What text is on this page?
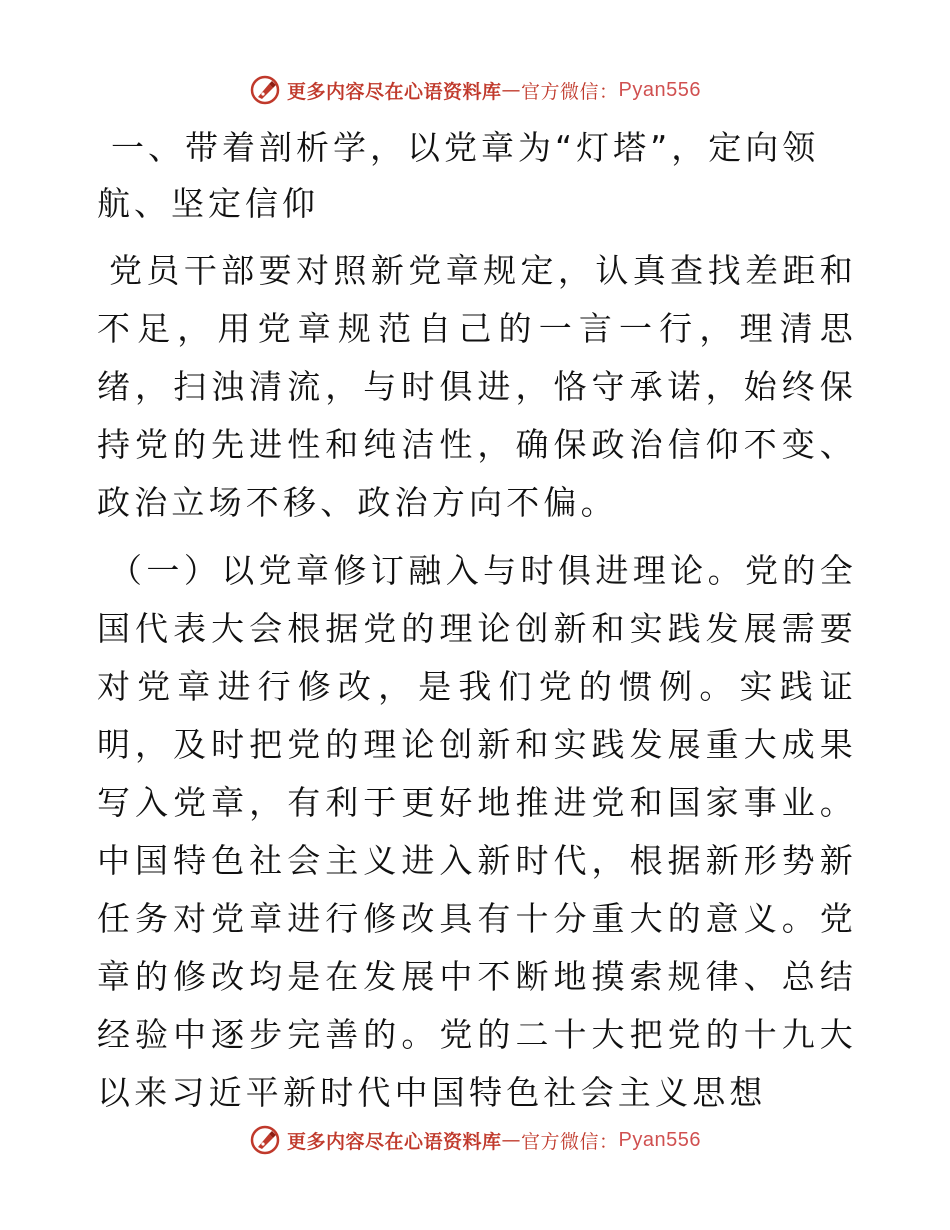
更多内容尽在心语资料库 — 官方微信： Pyan556
一、带着剖析学，以党章为“灯塔”，定向领
航、坚定信仰

党员干部要对照新党章规定，认真查找差距和不足，用党章规范自己的一言一行，理清思绪，扫浊清流，与时俱进，恪守承诺，始终保持党的先进性和纯洁性，确保政治信仰不变、政治立场不移、政治方向不偏。

（一）以党章修订融入与时俱进理论。党的全国代表大会根据党的理论创新和实践发展需要对党章进行修改，是我们党的惯例。实践证明，及时把党的理论创新和实践发展重大成果写入党章，有利于更好地推进党和国家事业。中国特色社会主义进入新时代，根据新形势新任务对党章进行修改具有十分重大的意义。党章的修改均是在发展中不断地摸索规律、总结经验中逐步完善的。党的二十大把党的十九大以来习近平新时代中国特色社会主义思想

更多内容尽在心语资料库 — 官方微信： Pyan556
